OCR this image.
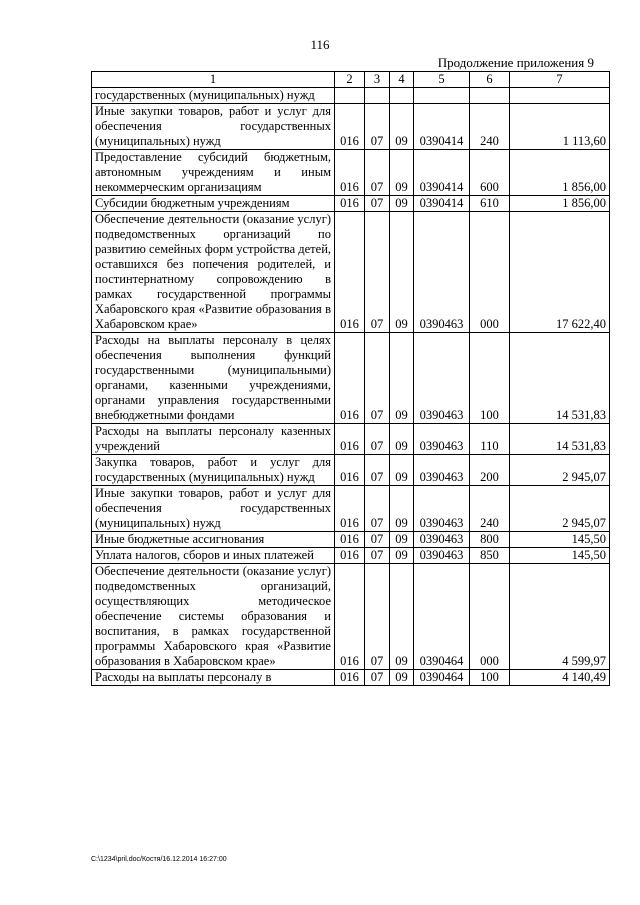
116
Продолжение приложения 9
1	2	3	4	5	6	7
государственных (муниципальных) нужд						
Иные закупки товаров, работ и услуг для обеспечения государственных (муниципальных) нужд	016	07	09	0390414	240	1 113,60
Предоставление субсидий бюджетным, автономным учреждениям и иным некоммерческим организациям	016	07	09	0390414	600	1 856,00
Субсидии бюджетным учреждениям	016	07	09	0390414	610	1 856,00
Обеспечение деятельности (оказание услуг) подведомственных организаций по развитию семейных форм устройства детей, оставшихся без попечения родителей, и постинтернатному сопровождению в рамках государственной программы Хабаровского края «Развитие образования в Хабаровском крае»	016	07	09	0390463	000	17 622,40
Расходы на выплаты персоналу в целях обеспечения выполнения функций государственными (муниципальными) органами, казенными учреждениями, органами управления государственными внебюджетными фондами	016	07	09	0390463	100	14 531,83
Расходы на выплаты персоналу казенных учреждений	016	07	09	0390463	110	14 531,83
Закупка товаров, работ и услуг для государственных (муниципальных) нужд	016	07	09	0390463	200	2 945,07
Иные закупки товаров, работ и услуг для обеспечения государственных (муниципальных) нужд	016	07	09	0390463	240	2 945,07
Иные бюджетные ассигнования	016	07	09	0390463	800	145,50
Уплата налогов, сборов и иных платежей	016	07	09	0390463	850	145,50
Обеспечение деятельности (оказание услуг) подведомственных организаций, осуществляющих методическое обеспечение системы образования и воспитания, в рамках государственной программы Хабаровского края «Развитие образования в Хабаровском крае»	016	07	09	0390464	000	4 599,97
Расходы на выплаты персоналу в	016	07	09	0390464	100	4 140,49
C:\1234\pril.doc/Костя/16.12.2014 16:27:00
